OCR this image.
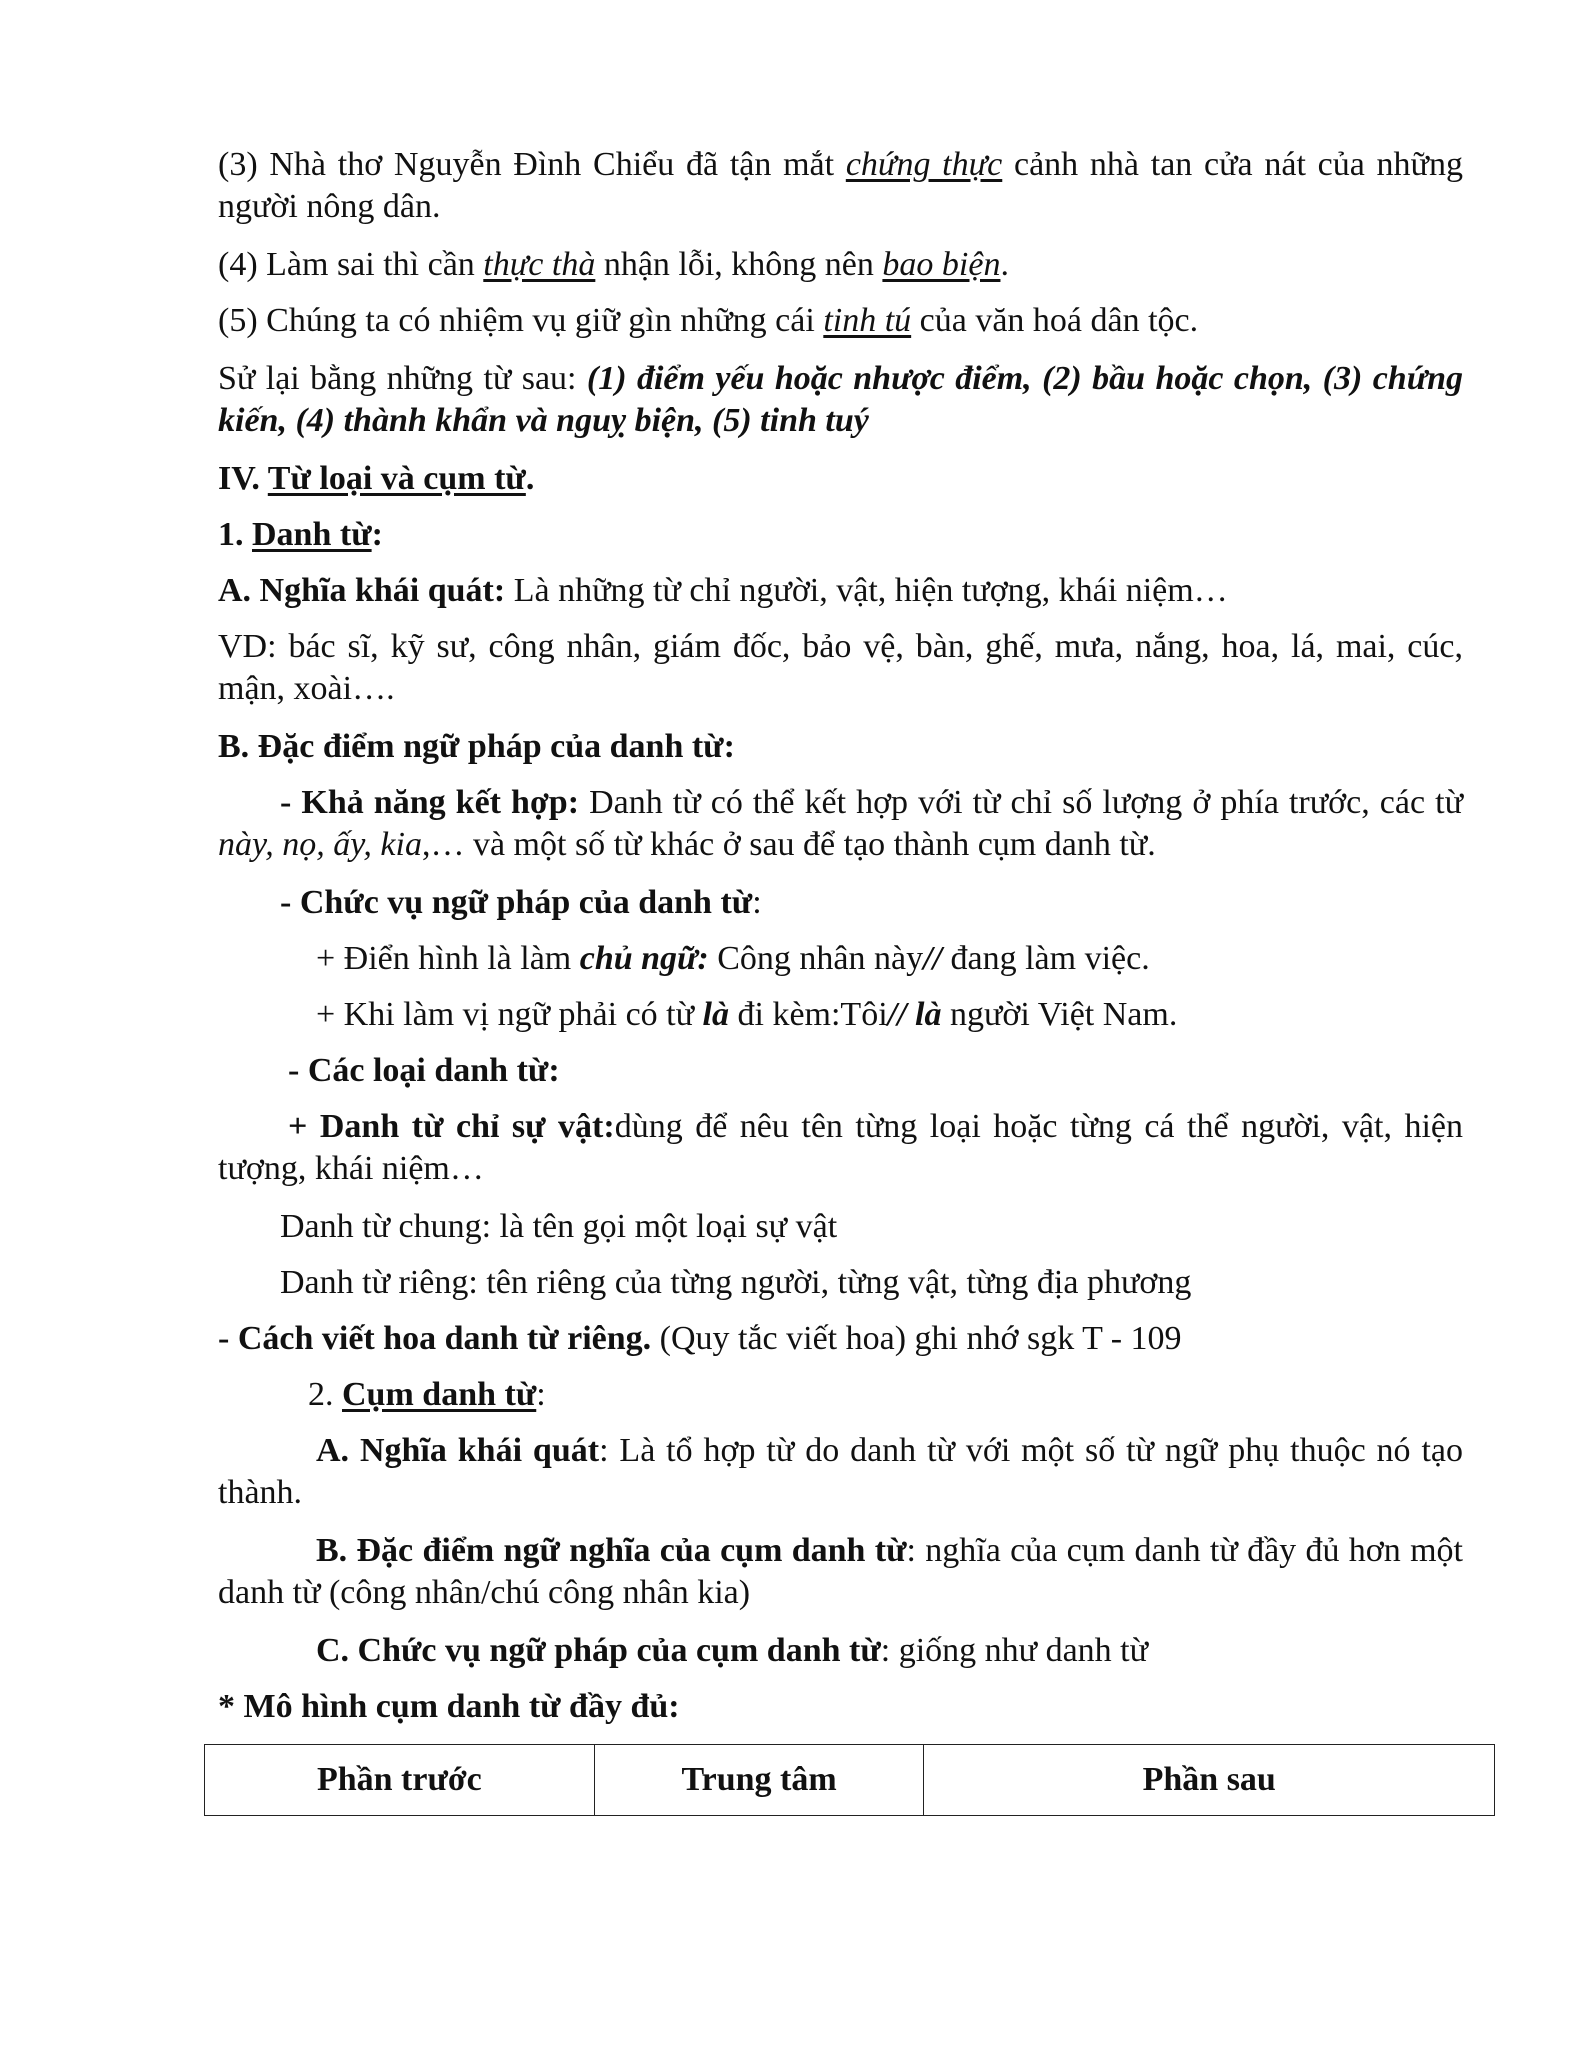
(3) Nhà thơ Nguyễn Đình Chiểu đã tận mắt chứng thực cảnh nhà tan cửa nát của những người nông dân.

(4) Làm sai thì cần thực thà nhận lỗi, không nên bao biện.

(5) Chúng ta có nhiệm vụ giữ gìn những cái tinh tú của văn hoá dân tộc.

Sử lại bằng những từ sau: (1) điểm yếu hoặc nhược điểm, (2) bầu hoặc chọn, (3) chứng kiến, (4) thành khẩn và nguỵ biện, (5) tinh tuý

IV. Từ loại và cụm từ.

1. Danh từ:

A. Nghĩa khái quát: Là những từ chỉ người, vật, hiện tượng, khái niệm…

VD: bác sĩ, kỹ sư, công nhân, giám đốc, bảo vệ, bàn, ghế, mưa, nắng, hoa, lá, mai, cúc, mận, xoài….

B. Đặc điểm ngữ pháp của danh từ:

- Khả năng kết hợp: Danh từ có thể kết hợp với từ chỉ số lượng ở phía trước, các từ này, nọ, ấy, kia,… và một số từ khác ở sau để tạo thành cụm danh từ.

- Chức vụ ngữ pháp của danh từ:

+ Điển hình là làm chủ ngữ: Công nhân này// đang làm việc.

+ Khi làm vị ngữ phải có từ là đi kèm:Tôi// là người Việt Nam.

- Các loại danh từ:

+ Danh từ chỉ sự vật:dùng để nêu tên từng loại hoặc từng cá thể người, vật, hiện tượng, khái niệm…

Danh từ chung: là tên gọi một loại sự vật

Danh từ riêng: tên riêng của từng người, từng vật, từng địa phương

- Cách viết hoa danh từ riêng. (Quy tắc viết hoa) ghi nhớ sgk T - 109

2. Cụm danh từ:

A. Nghĩa khái quát: Là tổ hợp từ do danh từ với một số từ ngữ phụ thuộc nó tạo thành.

B. Đặc điểm ngữ nghĩa của cụm danh từ: nghĩa của cụm danh từ đầy đủ hơn một danh từ (công nhân/chú công nhân kia)

C. Chức vụ ngữ pháp của cụm danh từ: giống như danh từ

* Mô hình cụm danh từ đầy đủ:

Phần trước	Trung tâm	Phần sau
